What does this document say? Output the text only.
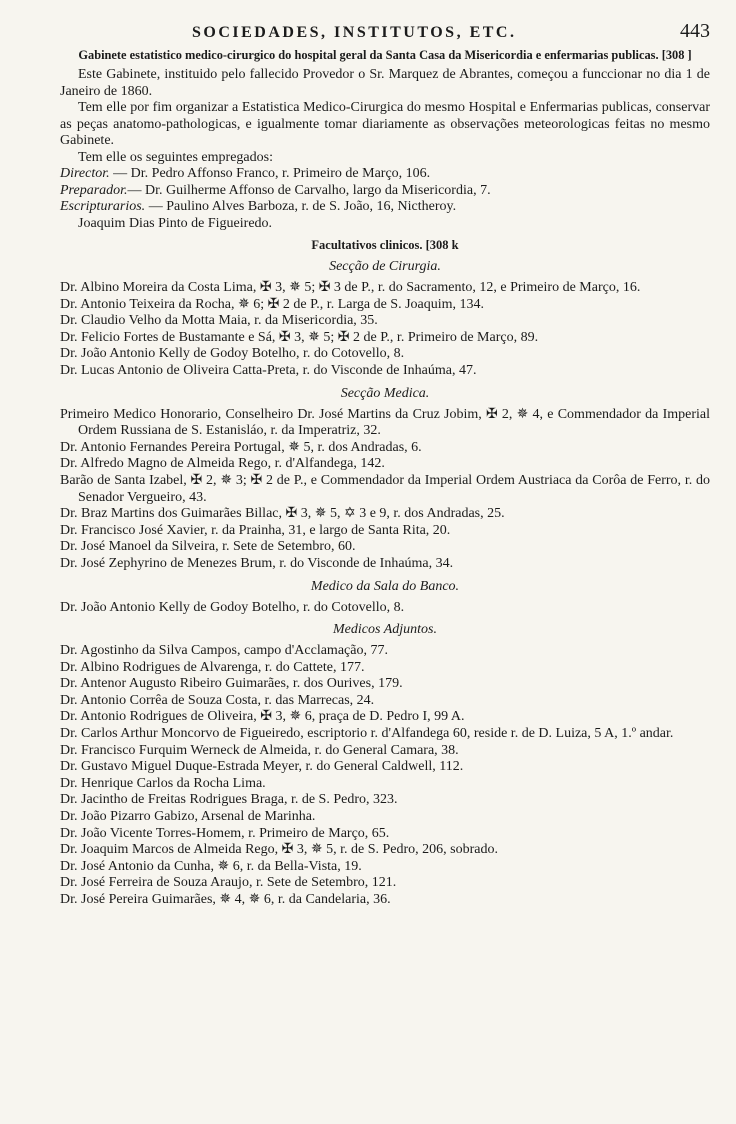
SOCIEDADES, INSTITUTOS, ETC.	443
Gabinete estatistico medico-cirurgico do hospital geral da Santa Casa da Misericordia e enfermarias publicas. [308 ]
Este Gabinete, instituido pelo fallecido Provedor o Sr. Marquez de Abrantes, começou a funccionar no dia 1 de Janeiro de 1860.
Tem elle por fim organizar a Estatistica Medico-Cirurgica do mesmo Hospital e Enfermarias publicas, conservar as peças anatomo-pathologicas, e igualmente tomar diariamente as observações meteorologicas feitas no mesmo Gabinete.
Tem elle os seguintes empregados:
Director. — Dr. Pedro Affonso Franco, r. Primeiro de Março, 106.
Preparador.— Dr. Guilherme Affonso de Carvalho, largo da Misericordia, 7.
Escripturarios. — Paulino Alves Barboza, r. de S. João, 16, Nictheroy.
Joaquim Dias Pinto de Figueiredo.
Facultativos clinicos. [308 k
Secção de Cirurgia.
Dr. Albino Moreira da Costa Lima, ✠ 3, ✵ 5; ✠ 3 de P., r. do Sacramento, 12, e Primeiro de Março, 16.
Dr. Antonio Teixeira da Rocha, ✵ 6; ✠ 2 de P., r. Larga de S. Joaquim, 134.
Dr. Claudio Velho da Motta Maia, r. da Misericordia, 35.
Dr. Felicio Fortes de Bustamante e Sá, ✠ 3, ✵ 5; ✠ 2 de P., r. Primeiro de Março, 89.
Dr. João Antonio Kelly de Godoy Botelho, r. do Cotovello, 8.
Dr. Lucas Antonio de Oliveira Catta-Preta, r. do Visconde de Inhaúma, 47.
Secção Medica.
Primeiro Medico Honorario, Conselheiro Dr. José Martins da Cruz Jobim, ✠ 2, ✵ 4, e Commendador da Imperial Ordem Russiana de S. Estanisláo, r. da Imperatriz, 32.
Dr. Antonio Fernandes Pereira Portugal, ✵ 5, r. dos Andradas, 6.
Dr. Alfredo Magno de Almeida Rego, r. d'Alfandega, 142.
Barão de Santa Izabel, ✠ 2, ✵ 3; ✠ 2 de P., e Commendador da Imperial Ordem Austriaca da Corôa de Ferro, r. do Senador Vergueiro, 43.
Dr. Braz Martins dos Guimarães Billac, ✠ 3, ✵ 5, ✡ 3 e 9, r. dos Andradas, 25.
Dr. Francisco José Xavier, r. da Prainha, 31, e largo de Santa Rita, 20.
Dr. José Manoel da Silveira, r. Sete de Setembro, 60.
Dr. José Zephyrino de Menezes Brum, r. do Visconde de Inhaúma, 34.
Medico da Sala do Banco.
Dr. João Antonio Kelly de Godoy Botelho, r. do Cotovello, 8.
Medicos Adjuntos.
Dr. Agostinho da Silva Campos, campo d'Acclamação, 77.
Dr. Albino Rodrigues de Alvarenga, r. do Cattete, 177.
Dr. Antenor Augusto Ribeiro Guimarães, r. dos Ourives, 179.
Dr. Antonio Corrêa de Souza Costa, r. das Marrecas, 24.
Dr. Antonio Rodrigues de Oliveira, ✠ 3, ✵ 6, praça de D. Pedro I, 99 A.
Dr. Carlos Arthur Moncorvo de Figueiredo, escriptorio r. d'Alfandega 60, reside r. de D. Luiza, 5 A, 1.º andar.
Dr. Francisco Furquim Werneck de Almeida, r. do General Camara, 38.
Dr. Gustavo Miguel Duque-Estrada Meyer, r. do General Caldwell, 112.
Dr. Henrique Carlos da Rocha Lima.
Dr. Jacintho de Freitas Rodrigues Braga, r. de S. Pedro, 323.
Dr. João Pizarro Gabizo, Arsenal de Marinha.
Dr. João Vicente Torres-Homem, r. Primeiro de Março, 65.
Dr. Joaquim Marcos de Almeida Rego, ✠ 3, ✵ 5, r. de S. Pedro, 206, sobrado.
Dr. José Antonio da Cunha, ✵ 6, r. da Bella-Vista, 19.
Dr. José Ferreira de Souza Araujo, r. Sete de Setembro, 121.
Dr. José Pereira Guimarães, ✵ 4, ✵ 6, r. da Candelaria, 36.
